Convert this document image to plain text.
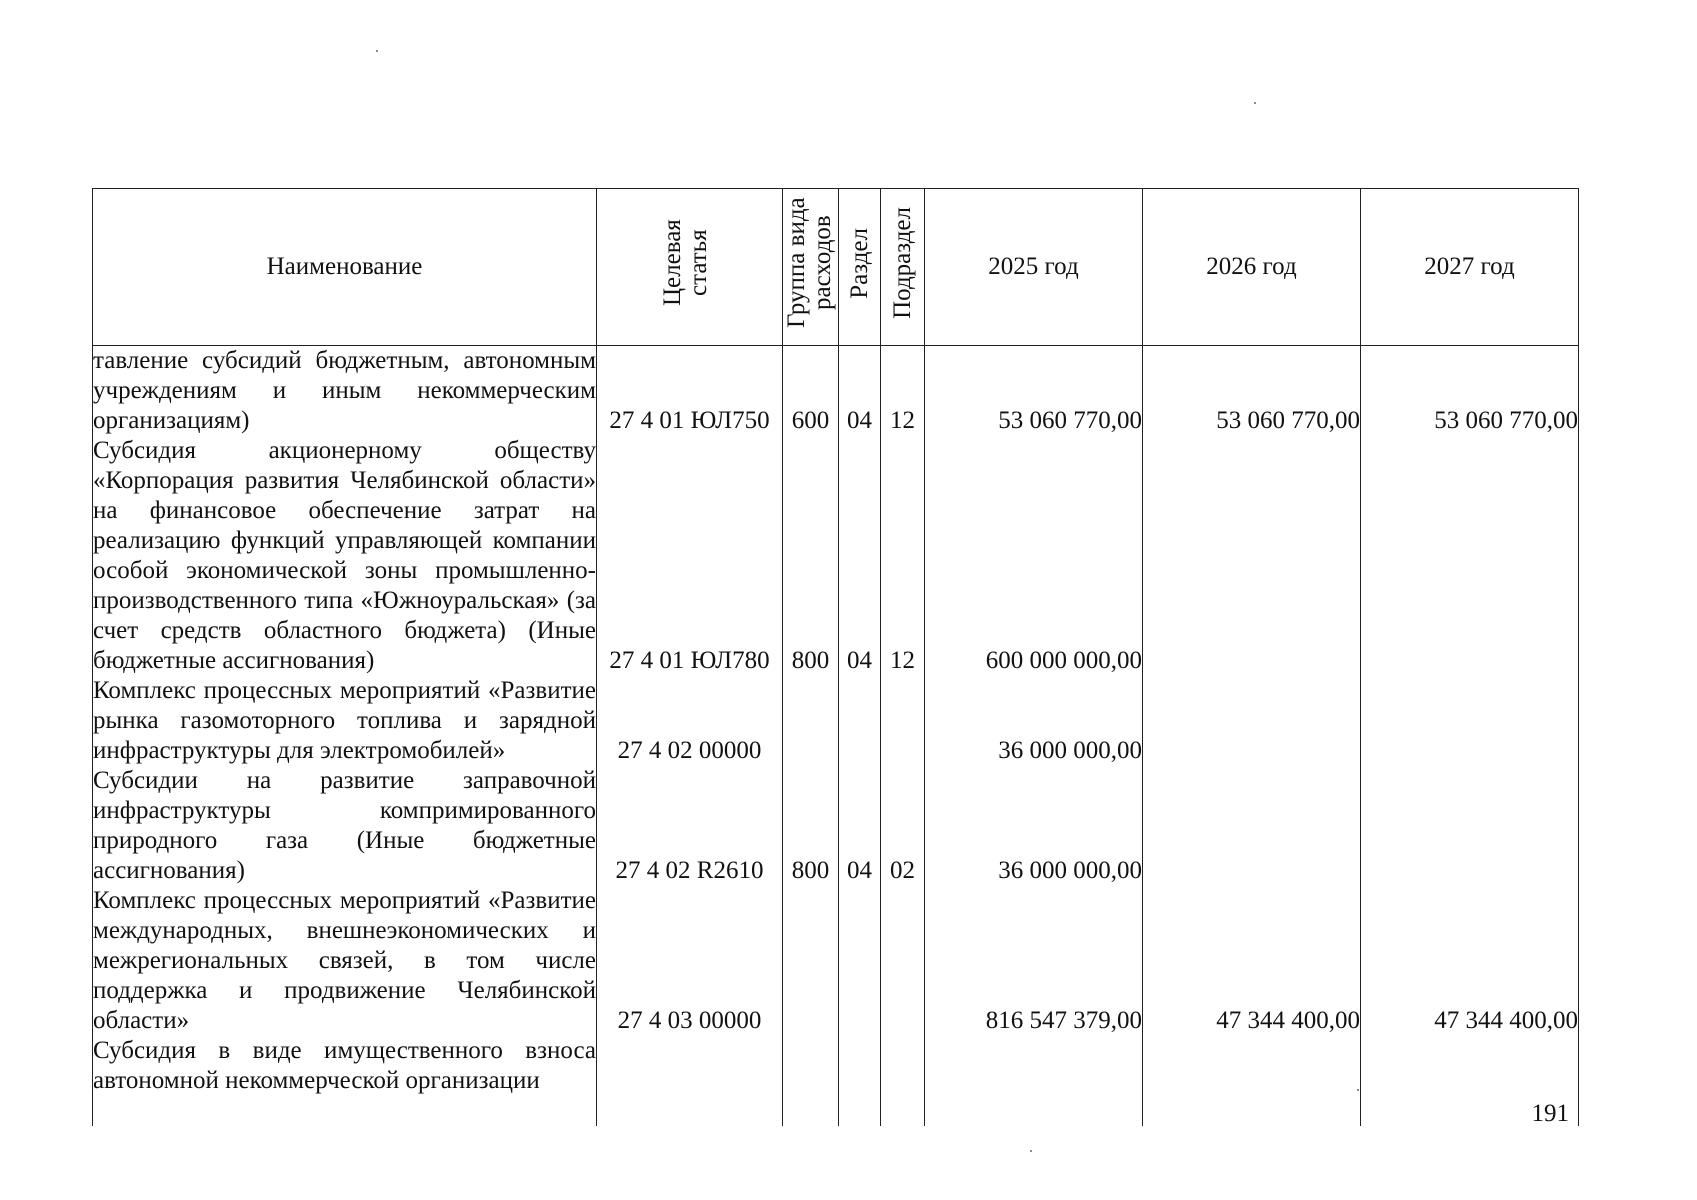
Наименование	Целевая статья	Группа вида расходов	Раздел	Подраздел	2025 год	2026 год	2027 год
тавление субсидий бюджетным, автономным учреждениям и иным некоммерческим организациям)	27 4 01 ЮЛ750	600	04	12	53 060 770,00	53 060 770,00	53 060 770,00
Субсидия акционерному обществу «Корпорация развития Челябинской области» на финансовое обеспечение затрат на реализацию функций управляющей компании особой экономической зоны промышленно-производственного типа «Южноуральская» (за счет средств областного бюджета) (Иные бюджетные ассигнования)	27 4 01 ЮЛ780	800	04	12	600 000 000,00		
Комплекс процессных мероприятий «Развитие рынка газомоторного топлива и зарядной инфраструктуры для электромобилей»	27 4 02 00000				36 000 000,00		
Субсидии на развитие заправочной инфраструктуры компримированного природного газа (Иные бюджетные ассигнования)	27 4 02 R2610	800	04	02	36 000 000,00		
Комплекс процессных мероприятий «Развитие международных, внешнеэкономических и межрегиональных связей, в том числе поддержка и продвижение Челябинской области»	27 4 03 00000				816 547 379,00	47 344 400,00	47 344 400,00
Субсидия в виде имущественного взноса автономной некоммерческой организации							
191
